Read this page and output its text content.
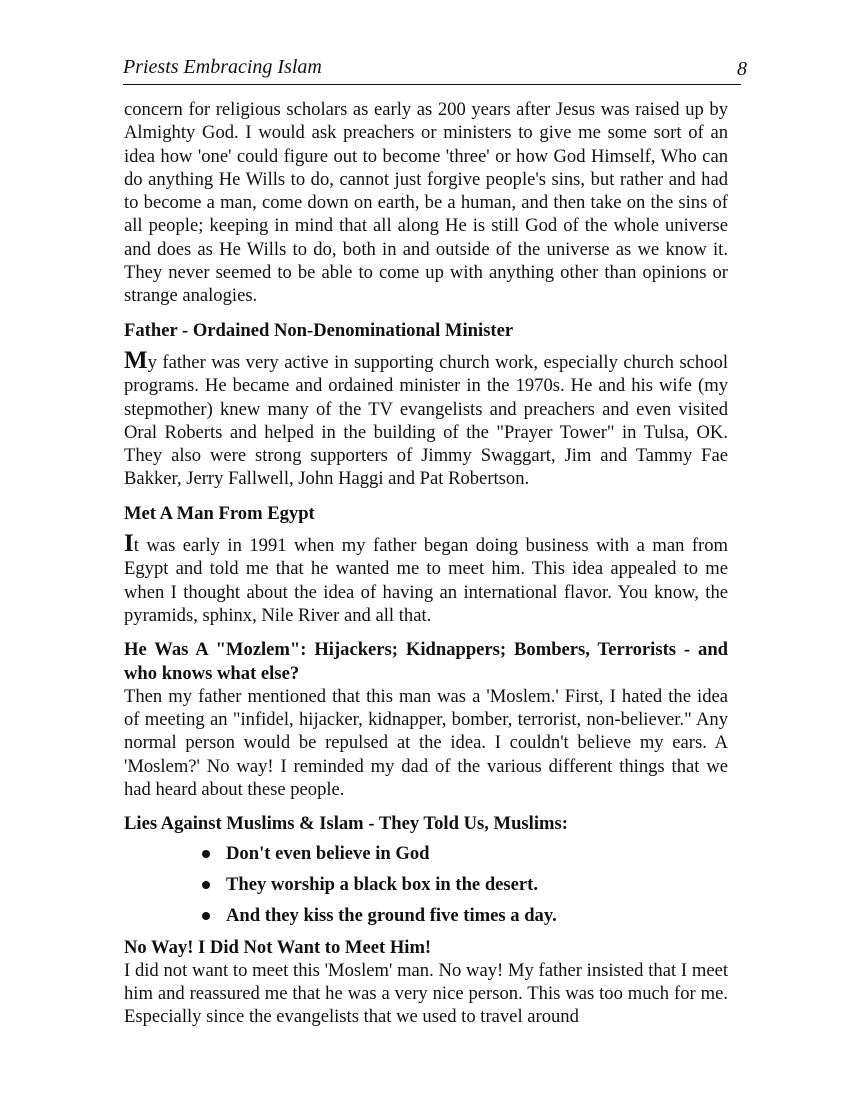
Priests Embracing Islam	8

concern for religious scholars as early as 200 years after Jesus was raised up by Almighty God. I would ask preachers or ministers to give me some sort of an idea how 'one' could figure out to become 'three' or how God Himself, Who can do anything He Wills to do, cannot just forgive people's sins, but rather and had to become a man, come down on earth, be a human, and then take on the sins of all people; keeping in mind that all along He is still God of the whole universe and does as He Wills to do, both in and outside of the universe as we know it. They never seemed to be able to come up with anything other than opinions or strange analogies.

Father - Ordained Non-Denominational Minister

My father was very active in supporting church work, especially church school programs. He became and ordained minister in the 1970s. He and his wife (my stepmother) knew many of the TV evangelists and preachers and even visited Oral Roberts and helped in the building of the "Prayer Tower" in Tulsa, OK. They also were strong supporters of Jimmy Swaggart, Jim and Tammy Fae Bakker, Jerry Fallwell, John Haggi and Pat Robertson.

Met A Man From Egypt

It was early in 1991 when my father began doing business with a man from Egypt and told me that he wanted me to meet him. This idea appealed to me when I thought about the idea of having an international flavor. You know, the pyramids, sphinx, Nile River and all that.

He Was A "Mozlem": Hijackers; Kidnappers; Bombers, Terrorists - and who knows what else?

Then my father mentioned that this man was a 'Moslem.' First, I hated the idea of meeting an "infidel, hijacker, kidnapper, bomber, terrorist, non-believer." Any normal person would be repulsed at the idea. I couldn't believe my ears. A 'Moslem?' No way! I reminded my dad of the various different things that we had heard about these people.

Lies Against Muslims & Islam - They Told Us, Muslims:
Don't even believe in God
They worship a black box in the desert.
And they kiss the ground five times a day.
No Way! I Did Not Want to Meet Him!

I did not want to meet this 'Moslem' man. No way! My father insisted that I meet him and reassured me that he was a very nice person. This was too much for me. Especially since the evangelists that we used to travel around
